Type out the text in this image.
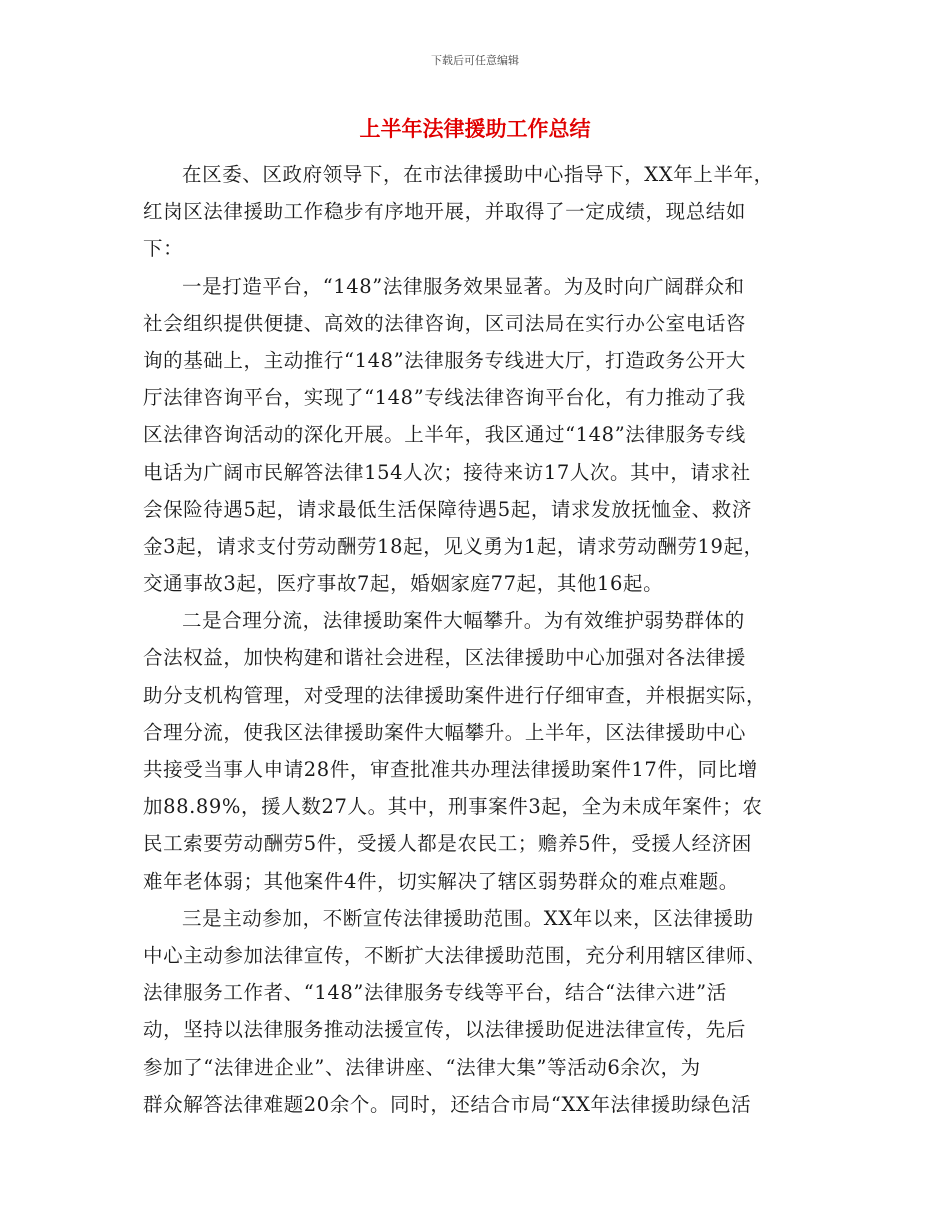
下载后可任意编辑
上半年法律援助工作总结
在区委、区政府领导下，在市法律援助中心指导下，XX年上半年，
红岗区法律援助工作稳步有序地开展，并取得了一定成绩，现总结如
下：
一是打造平台，“148”法律服务效果显著。为及时向广阔群众和
社会组织提供便捷、高效的法律咨询，区司法局在实行办公室电话咨
询的基础上，主动推行“148”法律服务专线进大厅，打造政务公开大
厅法律咨询平台，实现了“148”专线法律咨询平台化，有力推动了我
区法律咨询活动的深化开展。上半年，我区通过“148”法律服务专线
电话为广阔市民解答法律154人次；接待来访17人次。其中，请求社
会保险待遇5起，请求最低生活保障待遇5起，请求发放抚恤金、救济
金3起，请求支付劳动酬劳18起，见义勇为1起，请求劳动酬劳19起，
交通事故3起，医疗事故7起，婚姻家庭77起，其他16起。
二是合理分流，法律援助案件大幅攀升。为有效维护弱势群体的
合法权益，加快构建和谐社会进程，区法律援助中心加强对各法律援
助分支机构管理，对受理的法律援助案件进行仔细审查，并根据实际，
合理分流，使我区法律援助案件大幅攀升。上半年，区法律援助中心
共接受当事人申请28件，审查批准共办理法律援助案件17件，同比增
加88.89%，援人数27人。其中，刑事案件3起，全为未成年案件；农
民工索要劳动酬劳5件，受援人都是农民工；赡养5件，受援人经济困
难年老体弱；其他案件4件，切实解决了辖区弱势群众的难点难题。
三是主动参加，不断宣传法律援助范围。XX年以来，区法律援助
中心主动参加法律宣传，不断扩大法律援助范围，充分利用辖区律师、
法律服务工作者、“148”法律服务专线等平台，结合“法律六进”活
动，坚持以法律服务推动法援宣传，以法律援助促进法律宣传，先后
参加了“法律进企业”、法律讲座、“法律大集”等活动6余次，为
群众解答法律难题20余个。同时，还结合市局“XX年法律援助绿色活
